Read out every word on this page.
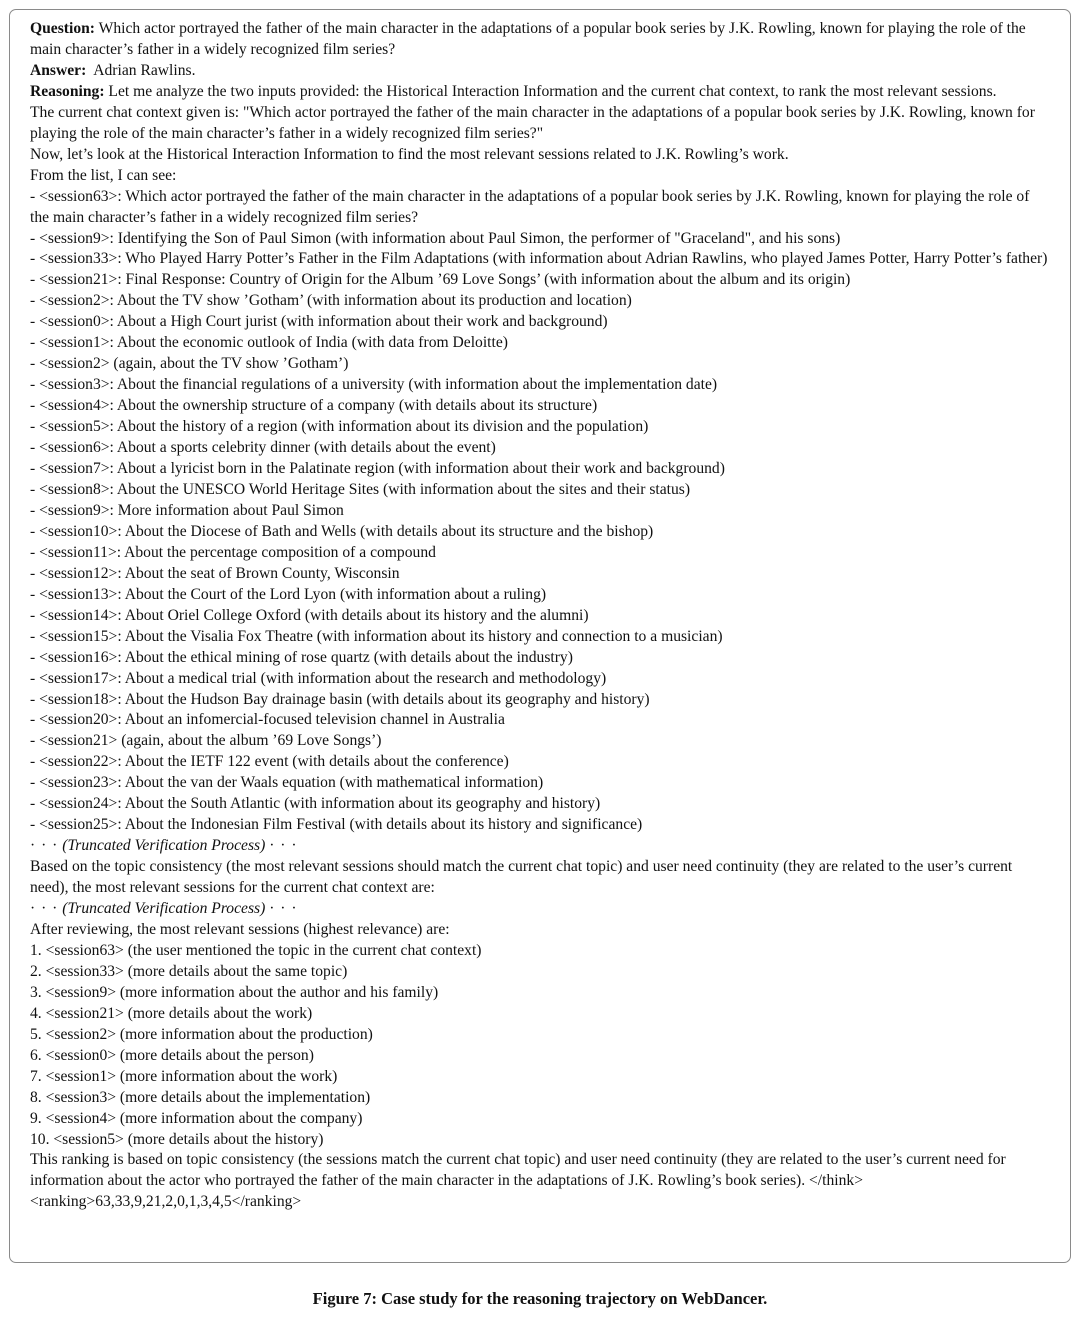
Question: Which actor portrayed the father of the main character in the adaptations of a popular book series by J.K. Rowling, known for playing the role of the main character’s father in a widely recognized film series?

Answer: Adrian Rawlins.

Reasoning: Let me analyze the two inputs provided: the Historical Interaction Information and the current chat context, to rank the most relevant sessions.

The current chat context given is: "Which actor portrayed the father of the main character in the adaptations of a popular book series by J.K. Rowling, known for playing the role of the main character’s father in a widely recognized film series?"

Now, let’s look at the Historical Interaction Information to find the most relevant sessions related to J.K. Rowling’s work.

From the list, I can see:

- <session63>: Which actor portrayed the father of the main character in the adaptations of a popular book series by J.K. Rowling, known for playing the role of the main character’s father in a widely recognized film series?

- <session9>: Identifying the Son of Paul Simon (with information about Paul Simon, the performer of "Graceland", and his sons)

- <session33>: Who Played Harry Potter’s Father in the Film Adaptations (with information about Adrian Rawlins, who played James Potter, Harry Potter’s father)

- <session21>: Final Response: Country of Origin for the Album ’69 Love Songs’ (with information about the album and its origin)

- <session2>: About the TV show ’Gotham’ (with information about its production and location)

- <session0>: About a High Court jurist (with information about their work and background)

- <session1>: About the economic outlook of India (with data from Deloitte)

- <session2> (again, about the TV show ’Gotham’)

- <session3>: About the financial regulations of a university (with information about the implementation date)

- <session4>: About the ownership structure of a company (with details about its structure)

- <session5>: About the history of a region (with information about its division and the population)

- <session6>: About a sports celebrity dinner (with details about the event)

- <session7>: About a lyricist born in the Palatinate region (with information about their work and background)

- <session8>: About the UNESCO World Heritage Sites (with information about the sites and their status)

- <session9>: More information about Paul Simon

- <session10>: About the Diocese of Bath and Wells (with details about its structure and the bishop)

- <session11>: About the percentage composition of a compound

- <session12>: About the seat of Brown County, Wisconsin

- <session13>: About the Court of the Lord Lyon (with information about a ruling)

- <session14>: About Oriel College Oxford (with details about its history and the alumni)

- <session15>: About the Visalia Fox Theatre (with information about its history and connection to a musician)

- <session16>: About the ethical mining of rose quartz (with details about the industry)

- <session17>: About a medical trial (with information about the research and methodology)

- <session18>: About the Hudson Bay drainage basin (with details about its geography and history)

- <session20>: About an infomercial-focused television channel in Australia

- <session21> (again, about the album ’69 Love Songs’)

- <session22>: About the IETF 122 event (with details about the conference)

- <session23>: About the van der Waals equation (with mathematical information)

- <session24>: About the South Atlantic (with information about its geography and history)

- <session25>: About the Indonesian Film Festival (with details about its history and significance)

· · · (Truncated Verification Process) · · ·

Based on the topic consistency (the most relevant sessions should match the current chat topic) and user need continuity (they are related to the user’s current need), the most relevant sessions for the current chat context are:

· · · (Truncated Verification Process) · · ·

After reviewing, the most relevant sessions (highest relevance) are:

1. <session63> (the user mentioned the topic in the current chat context)

2. <session33> (more details about the same topic)

3. <session9> (more information about the author and his family)

4. <session21> (more details about the work)

5. <session2> (more information about the production)

6. <session0> (more details about the person)

7. <session1> (more information about the work)

8. <session3> (more details about the implementation)

9. <session4> (more information about the company)

10. <session5> (more details about the history)

This ranking is based on topic consistency (the sessions match the current chat topic) and user need continuity (they are related to the user’s current need for information about the actor who portrayed the father of the main character in the adaptations of J.K. Rowling’s book series). </think>

<ranking>63,33,9,21,2,0,1,3,4,5</ranking>

Figure 7: Case study for the reasoning trajectory on WebDancer.
